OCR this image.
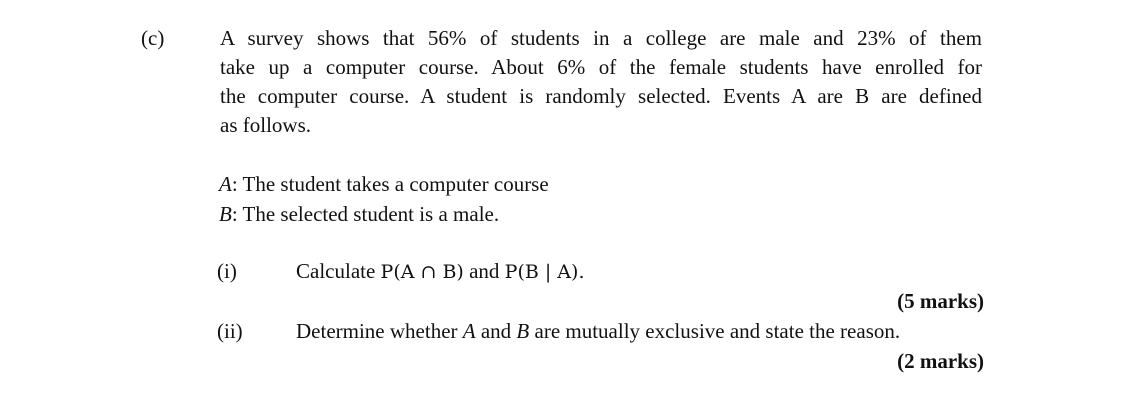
(c)	A survey shows that 56% of students in a college are male and 23% of them
take up a computer course. About 6% of the female students have enrolled for
the computer course. A student is randomly selected. Events A are B are defined
as follows.
A: The student takes a computer course
B: The selected student is a male.
(i)	Calculate P(A ∩ B) and P(B | A).
(5 marks)
(ii)	Determine whether A and B are mutually exclusive and state the reason.
(2 marks)
